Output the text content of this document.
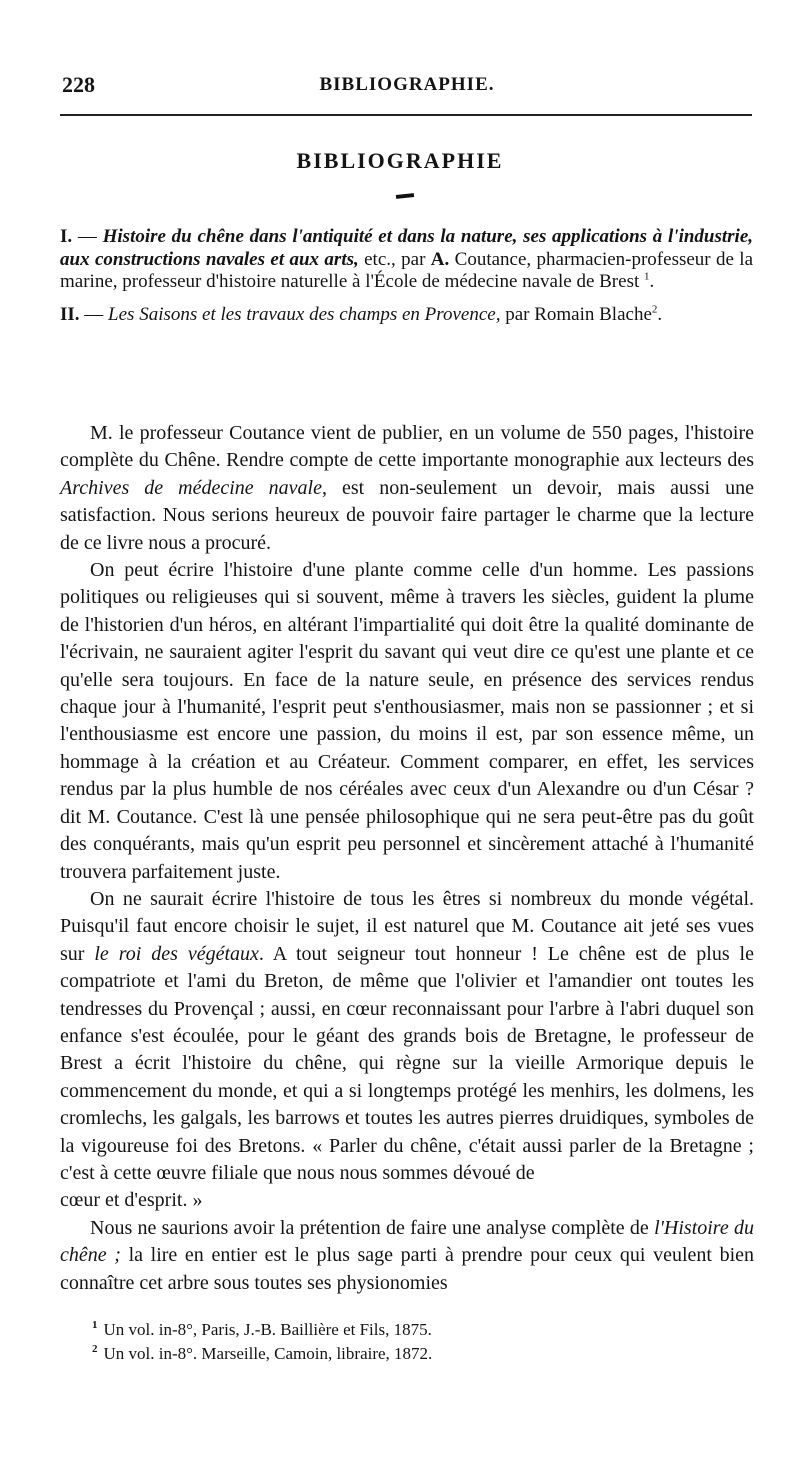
228	BIBLIOGRAPHIE.
BIBLIOGRAPHIE

I. — Histoire du chêne dans l'antiquité et dans la nature, ses applications à l'industrie, aux constructions navales et aux arts, etc., par A. Coutance, pharmacien-professeur de la marine, professeur d'histoire naturelle à l'École de médecine navale de Brest $^1$.

II. — Les Saisons et les travaux des champs en Provence, par Romain Blache$^2$.

M. le professeur Coutance vient de publier, en un volume de 550 pages, l'histoire complète du Chêne. Rendre compte de cette importante monographie aux lecteurs des Archives de médecine navale, est non-seulement un devoir, mais aussi une satisfaction. Nous serions heureux de pouvoir faire partager le charme que la lecture de ce livre nous a procuré.

On peut écrire l'histoire d'une plante comme celle d'un homme. Les passions politiques ou religieuses qui si souvent, même à travers les siècles, guident la plume de l'historien d'un héros, en altérant l'impartialité qui doit être la qualité dominante de l'écrivain, ne sauraient agiter l'esprit du savant qui veut dire ce qu'est une plante et ce qu'elle sera toujours. En face de la nature seule, en présence des services rendus chaque jour à l'humanité, l'esprit peut s'enthousiasmer, mais non se passionner ; et si l'enthousiasme est encore une passion, du moins il est, par son essence même, un hommage à la création et au Créateur. Comment comparer, en effet, les services rendus par la plus humble de nos céréales avec ceux d'un Alexandre ou d'un César ? dit M. Coutance. C'est là une pensée philosophique qui ne sera peut-être pas du goût des conquérants, mais qu'un esprit peu personnel et sincèrement attaché à l'humanité trouvera parfaitement juste.

On ne saurait écrire l'histoire de tous les êtres si nombreux du monde végétal. Puisqu'il faut encore choisir le sujet, il est naturel que M. Coutance ait jeté ses vues sur le roi des végétaux. A tout seigneur tout honneur ! Le chêne est de plus le compatriote et l'ami du Breton, de même que l'olivier et l'amandier ont toutes les tendresses du Provençal ; aussi, en cœur reconnaissant pour l'arbre à l'abri duquel son enfance s'est écoulée, pour le géant des grands bois de Bretagne, le professeur de Brest a écrit l'histoire du chêne, qui règne sur la vieille Armorique depuis le commencement du monde, et qui a si longtemps protégé les menhirs, les dolmens, les cromlechs, les galgals, les barrows et toutes les autres pierres druidiques, symboles de la vigoureuse foi des Bretons. « Parler du chêne, c'était aussi parler de la Bretagne ; c'est à cette œuvre filiale que nous nous sommes dévoué de

cœur et d'esprit. »

Nous ne saurions avoir la prétention de faire une analyse complète de l'Histoire du chêne ; la lire en entier est le plus sage parti à prendre pour ceux qui veulent bien connaître cet arbre sous toutes ses physionomies

$^1$ Un vol. in-8°, Paris, J.-B. Baillière et Fils, 1875.

$^2$ Un vol. in-8°. Marseille, Camoin, libraire, 1872.
